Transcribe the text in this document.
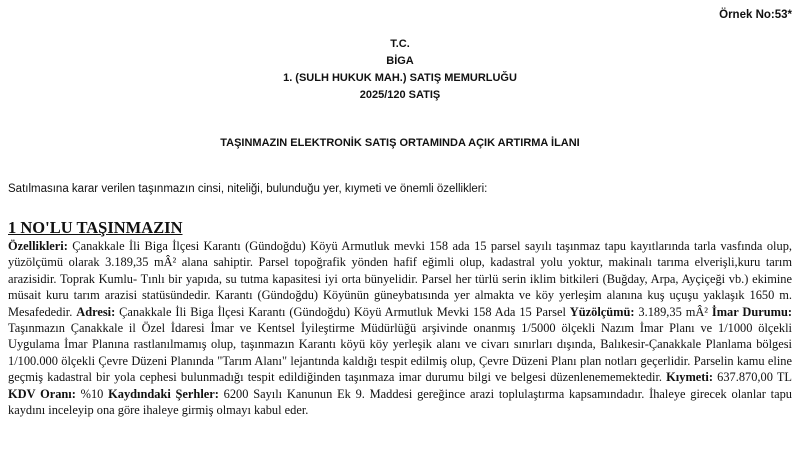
Örnek No:53*
T.C.
BİGA
1. (SULH HUKUK MAH.) SATIŞ MEMURLUĞU
2025/120 SATIŞ
TAŞINMAZIN ELEKTRONİK SATIŞ ORTAMINDA AÇIK ARTIRMA İLANI
Satılmasına karar verilen taşınmazın cinsi, niteliği, bulunduğu yer, kıymeti ve önemli özellikleri:
1 NO'LU TAŞINMAZIN

Özellikleri: Çanakkale İli Biga İlçesi Karantı (Gündoğdu) Köyü Armutluk mevki 158 ada 15 parsel sayılı taşınmaz tapu kayıtlarında tarla vasfında olup, yüzölçümü olarak 3.189,35 mÂ² alana sahiptir. Parsel topoğrafik yönden hafif eğimli olup, kadastral yolu yoktur, makinalı tarıma elverişli,kuru tarım arazisidir. Toprak Kumlu- Tınlı bir yapıda, su tutma kapasitesi iyi orta bünyelidir. Parsel her türlü serin iklim bitkileri (Buğday, Arpa, Ayçiçeği vb.) ekimine müsait kuru tarım arazisi statüsündedir. Karantı (Gündoğdu) Köyünün güneybatısında yer almakta ve köy yerleşim alanına kuş uçuşu yaklaşık 1650 m. Mesafededir. Adresi: Çanakkale İli Biga İlçesi Karantı (Gündoğdu) Köyü Armutluk Mevki 158 Ada 15 Parsel Yüzölçümü: 3.189,35 mÂ² İmar Durumu: Taşınmazın Çanakkale il Özel İdaresi İmar ve Kentsel İyileştirme Müdürlüğü arşivinde onanmış 1/5000 ölçekli Nazım İmar Planı ve 1/1000 ölçekli Uygulama İmar Planına rastlanılmamış olup, taşınmazın Karantı köyü köy yerleşik alanı ve civarı sınırları dışında, Balıkesir-Çanakkale Planlama bölgesi 1/100.000 ölçekli Çevre Düzeni Planında "Tarım Alanı" lejantında kaldığı tespit edilmiş olup, Çevre Düzeni Planı plan notları geçerlidir. Parselin kamu eline geçmiş kadastral bir yola cephesi bulunmadığı tespit edildiğinden taşınmaza imar durumu bilgi ve belgesi düzenlenememektedir. Kıymeti: 637.870,00 TL KDV Oranı: %10 Kaydındaki Şerhler: 6200 Sayılı Kanunun Ek 9. Maddesi gereğince arazi toplulaştırma kapsamındadır. İhaleye girecek olanlar tapu kaydını inceleyip ona göre ihaleye girmiş olmayı kabul eder.
